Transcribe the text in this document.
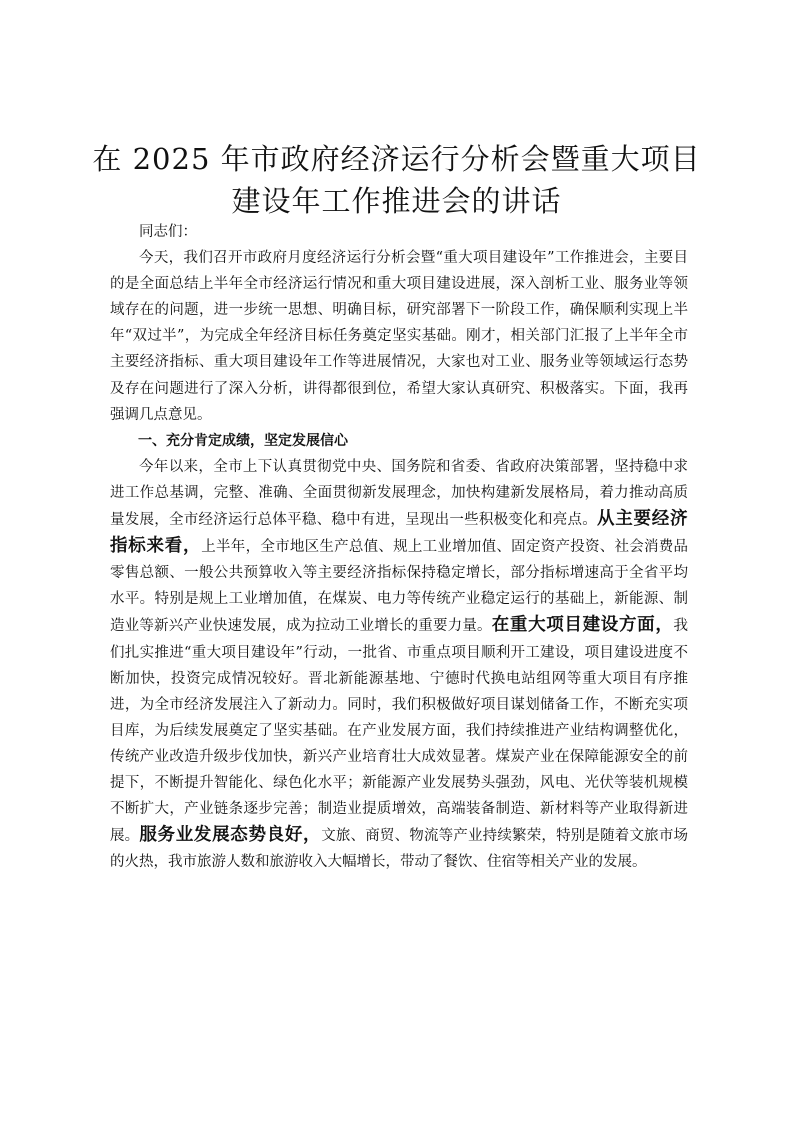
在 2025 年市政府经济运行分析会暨重大项目
建设年工作推进会的讲话

同志们：

今天，我们召开市政府月度经济运行分析会暨“重大项目建设年”工作推进会，主要目的是全面总结上半年全市经济运行情况和重大项目建设进展，深入剖析工业、服务业等领域存在的问题，进一步统一思想、明确目标，研究部署下一阶段工作，确保顺利实现上半年“双过半”，为完成全年经济目标任务奠定坚实基础。刚才，相关部门汇报了上半年全市主要经济指标、重大项目建设年工作等进展情况，大家也对工业、服务业等领域运行态势及存在问题进行了深入分析，讲得都很到位，希望大家认真研究、积极落实。下面，我再强调几点意见。

一、充分肯定成绩，坚定发展信心

今年以来，全市上下认真贯彻党中央、国务院和省委、省政府决策部署，坚持稳中求进工作总基调，完整、准确、全面贯彻新发展理念，加快构建新发展格局，着力推动高质量发展，全市经济运行总体平稳、稳中有进，呈现出一些积极变化和亮点。从主要经济指标来看，上半年，全市地区生产总值、规上工业增加值、固定资产投资、社会消费品零售总额、一般公共预算收入等主要经济指标保持稳定增长，部分指标增速高于全省平均水平。特别是规上工业增加值，在煤炭、电力等传统产业稳定运行的基础上，新能源、制造业等新兴产业快速发展，成为拉动工业增长的重要力量。在重大项目建设方面，我们扎实推进“重大项目建设年”行动，一批省、市重点项目顺利开工建设，项目建设进度不断加快，投资完成情况较好。晋北新能源基地、宁德时代换电站组网等重大项目有序推进，为全市经济发展注入了新动力。同时，我们积极做好项目谋划储备工作，不断充实项目库，为后续发展奠定了坚实基础。在产业发展方面，我们持续推进产业结构调整优化，传统产业改造升级步伐加快，新兴产业培育壮大成效显著。煤炭产业在保障能源安全的前提下，不断提升智能化、绿色化水平；新能源产业发展势头强劲，风电、光伏等装机规模不断扩大，产业链条逐步完善；制造业提质增效，高端装备制造、新材料等产业取得新进展。服务业发展态势良好，文旅、商贸、物流等产业持续繁荣，特别是随着文旅市场的火热，我市旅游人数和旅游收入大幅增长，带动了餐饮、住宿等相关产业的发展。
